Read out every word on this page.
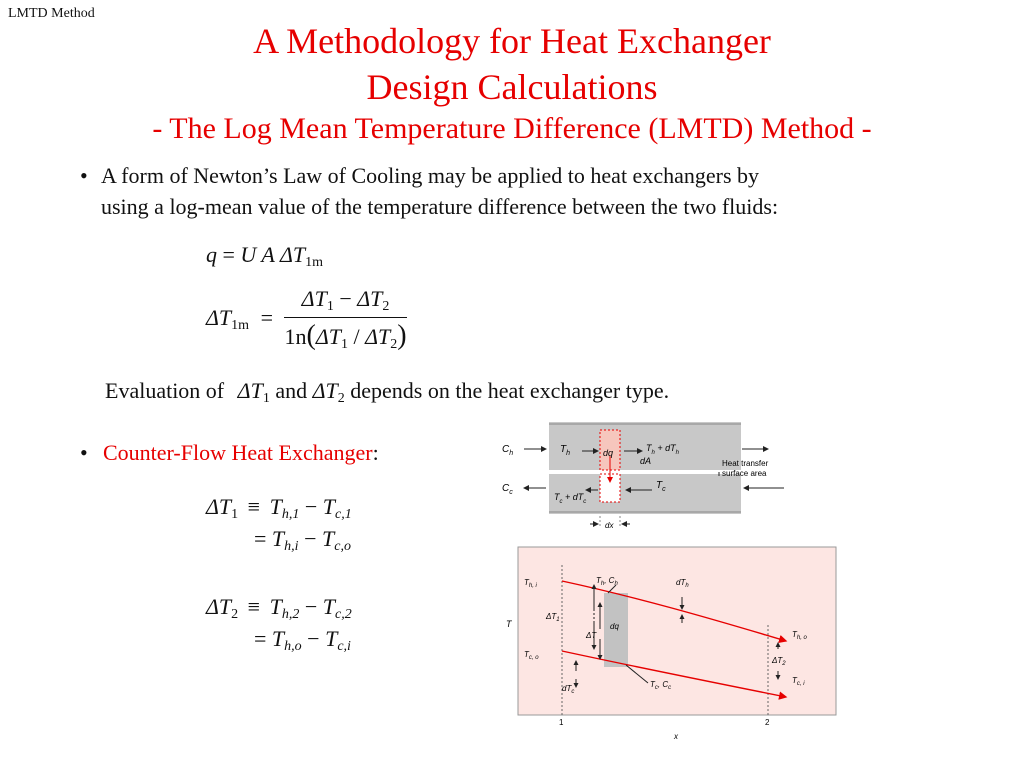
LMTD Method
A Methodology for Heat Exchanger
Design Calculations
- The Log Mean Temperature Difference (LMTD) Method -
• A form of Newton’s Law of Cooling may be applied to heat exchangers by
using a log-mean value of the temperature difference between the two fluids:
q = U A $\Delta T_{1m}$
$\Delta T_{1m} = \frac{\Delta T_1 - \Delta T_2}{1n(\Delta T_1 / \Delta T_2)}$
Evaluation of $\Delta T_1$ and $\Delta T_2$ depends on the heat exchanger type.
• Counter-Flow Heat Exchanger:
$\Delta T_1 \equiv T_{h,1} - T_{c,1}$
= $T_{h,i} - T_{c,o}$
$\Delta T_2 \equiv T_{h,2} - T_{c,2}$
= $T_{h,o} - T_{c,i}$
$C_h$
$C_c$
$T_h$	dq	$T_h + dT_h$
dA	Heat transfer
surface area
$T_c$
$T_c + dT_c$
dx
$T_{h, i}$
$T_h$, $C_h$	$dT_h$
$\Delta T_1$
ΔT
dq
T
$T_{c, o}$
$T_{h, o}$
$\Delta T_2$
$T_{c, i}$
$dT_c$
$T_c$, $C_c$
1	2
x
